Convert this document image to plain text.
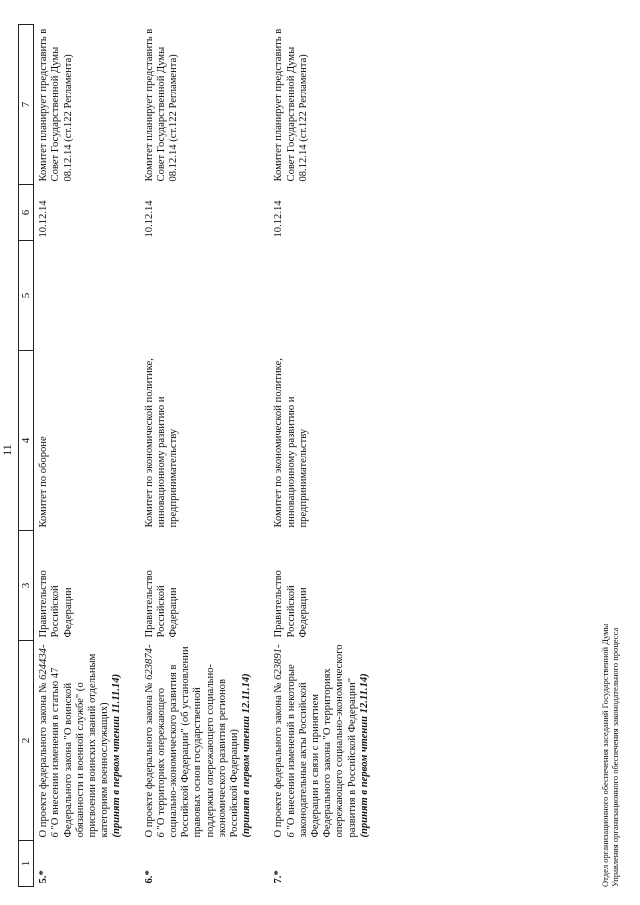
11
1	2	3	4	5	6	7
5.*	О проекте федерального закона № 624434-6 "О внесении изменения в статью 47 Федерального закона "О воинской обязанности и военной службе" (о присвоении воинских званий отдельным категориям военнослужащих) (принят в первом чтении 11.11.14)	Правительство Российской Федерации	Комитет по обороне		10.12.14	Комитет планирует представить в Совет Государственной Думы 08.12.14 (ст.122 Регламента)
6.*	О проекте федерального закона № 623874-6 "О территориях опережающего социально-экономического развития в Российской Федерации" (об установлении правовых основ государственной поддержки опережающего социально-экономического развития регионов Российской Федерации) (принят в первом чтении 12.11.14)	Правительство Российской Федерации	Комитет по экономической политике, инновационному развитию и предпринимательству		10.12.14	Комитет планирует представить в Совет Государственной Думы 08.12.14 (ст.122 Регламента)
7.*	О проекте федерального закона № 623891-6 "О внесении изменений в некоторые законодательные акты Российской Федерации в связи с принятием Федерального закона "О территориях опережающего социально-экономического развития в Российской Федерации" (принят в первом чтении 12.11.14)	Правительство Российской Федерации	Комитет по экономической политике, инновационному развитию и предпринимательству		10.12.14	Комитет планирует представить в Совет Государственной Думы 08.12.14 (ст.122 Регламента)
Отдел организационного обеспечения заседаний Государственной Думы Управления организационного обеспечения законодательного процесса
